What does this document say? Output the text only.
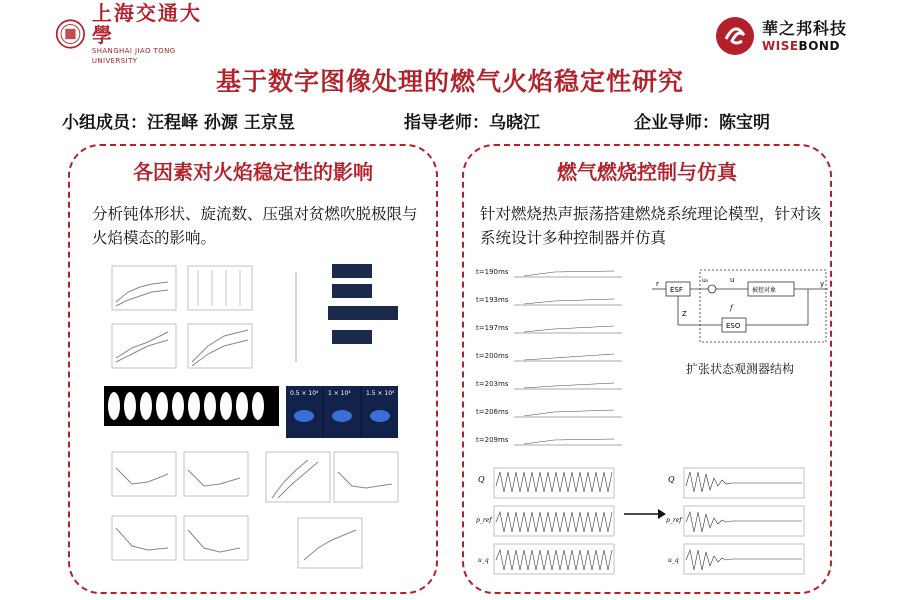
上海交通大學
SHANGHAI JIAO TONG UNIVERSITY
華之邦科技
WISEBOND
基于数字图像处理的燃气火焰稳定性研究
小组成员：汪程峄 孙源 王京昱	指导老师：乌晓江	企业导师：陈宝明
各因素对火焰稳定性的影响
分析钝体形状、旋流数、压强对贫燃吹脱极限与火焰模态的影响。
0.5 × 10⁴ 1 × 10⁴	1.5 × 10⁴
燃气燃烧控制与仿真
针对燃烧热声振荡搭建燃烧系统理论模型，针对该系统设计多种控制器并仿真
t=190ms
t=193ms
t=197ms
t=200ms
t=203ms
t=206ms
t=209ms
ESF	被控对象
ESO
r	y
Z
f
u
u₀
扩张状态观测器结构
Q
p_ref
u_q
Q
p_ref
u_q
